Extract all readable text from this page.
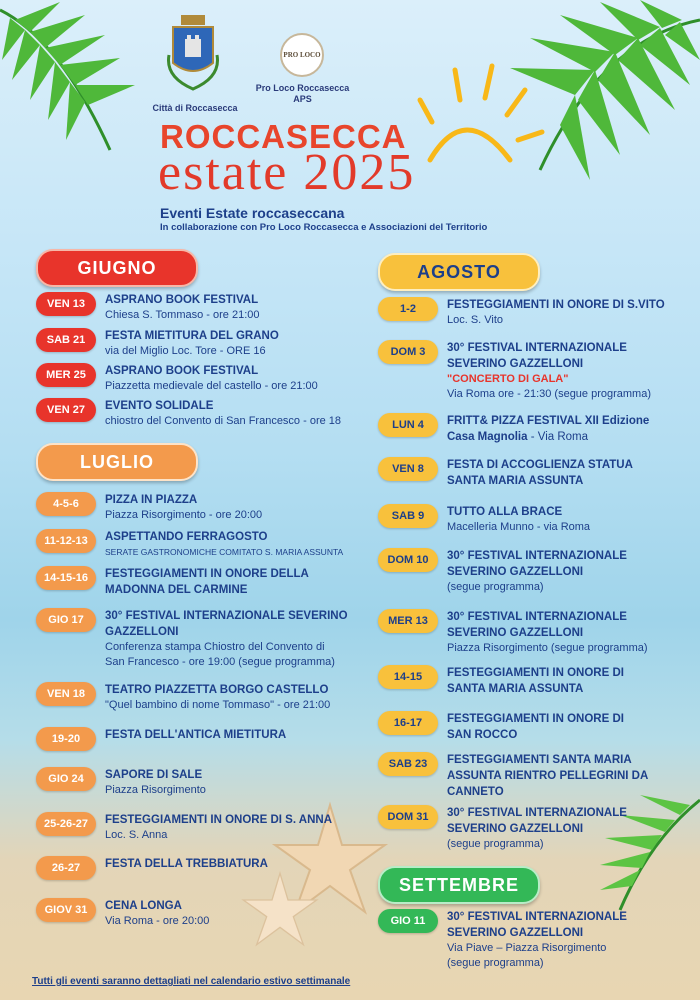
Città di Roccasecca
PRO LOCO
Pro Loco Roccasecca
APS
ROCCASECCA
estate 2025
Eventi Estate roccaseccana
In collaborazione con Pro Loco Roccasecca e Associazioni del Territorio
GIUGNO
LUGLIO
AGOSTO
SETTEMBRE
VEN 13	ASPRANO BOOK FESTIVAL
Chiesa S. Tommaso - ore 21:00
SAB 21	FESTA MIETITURA DEL GRANO
via del Miglio Loc. Tore - ORE 16
MER 25	ASPRANO BOOK FESTIVAL
Piazzetta medievale del castello - ore 21:00
VEN 27	EVENTO SOLIDALE
chiostro del Convento di San Francesco - ore 18
4-5-6	PIZZA IN PIAZZA
Piazza Risorgimento - ore 20:00
11-12-13	ASPETTANDO FERRAGOSTO
SERATE GASTRONOMICHE COMITATO S. MARIA ASSUNTA
14-15-16	FESTEGGIAMENTI IN ONORE DELLA
MADONNA DEL CARMINE
GIO 17	30° FESTIVAL INTERNAZIONALE SEVERINO
GAZZELLONI
Conferenza stampa Chiostro del Convento di
San Francesco - ore 19:00 (segue programma)
VEN 18	TEATRO PIAZZETTA BORGO CASTELLO
"Quel bambino di nome Tommaso" - ore 21:00
19-20	FESTA DELL'ANTICA MIETITURA
GIO 24	SAPORE DI SALE
Piazza Risorgimento
25-26-27	FESTEGGIAMENTI IN ONORE DI S. ANNA
Loc. S. Anna
26-27	FESTA DELLA TREBBIATURA
GIOV 31	CENA LONGA
Via Roma - ore 20:00
1-2	FESTEGGIAMENTI IN ONORE DI S.VITO
Loc. S. Vito
DOM 3	30° FESTIVAL INTERNAZIONALE
SEVERINO GAZZELLONI
"CONCERTO DI GALA"
Via Roma ore - 21:30 (segue programma)
LUN 4	FRITT& PIZZA FESTIVAL XII Edizione
Casa Magnolia - Via Roma
VEN 8	FESTA DI ACCOGLIENZA STATUA
SANTA MARIA ASSUNTA
SAB 9	TUTTO ALLA BRACE
Macelleria Munno - via Roma
DOM 10	30° FESTIVAL INTERNAZIONALE
SEVERINO GAZZELLONI
(segue programma)
MER 13	30° FESTIVAL INTERNAZIONALE
SEVERINO GAZZELLONI
Piazza Risorgimento (segue programma)
14-15	FESTEGGIAMENTI IN ONORE DI
SANTA MARIA ASSUNTA
16-17	FESTEGGIAMENTI IN ONORE DI
SAN ROCCO
SAB 23	FESTEGGIAMENTI SANTA MARIA
ASSUNTA RIENTRO PELLEGRINI DA
CANNETO
DOM 31	30° FESTIVAL INTERNAZIONALE
SEVERINO GAZZELLONI
(segue programma)
GIO 11	30° FESTIVAL INTERNAZIONALE
SEVERINO GAZZELLONI
Via Piave – Piazza Risorgimento
(segue programma)
Tutti gli eventi saranno dettagliati nel calendario estivo settimanale
